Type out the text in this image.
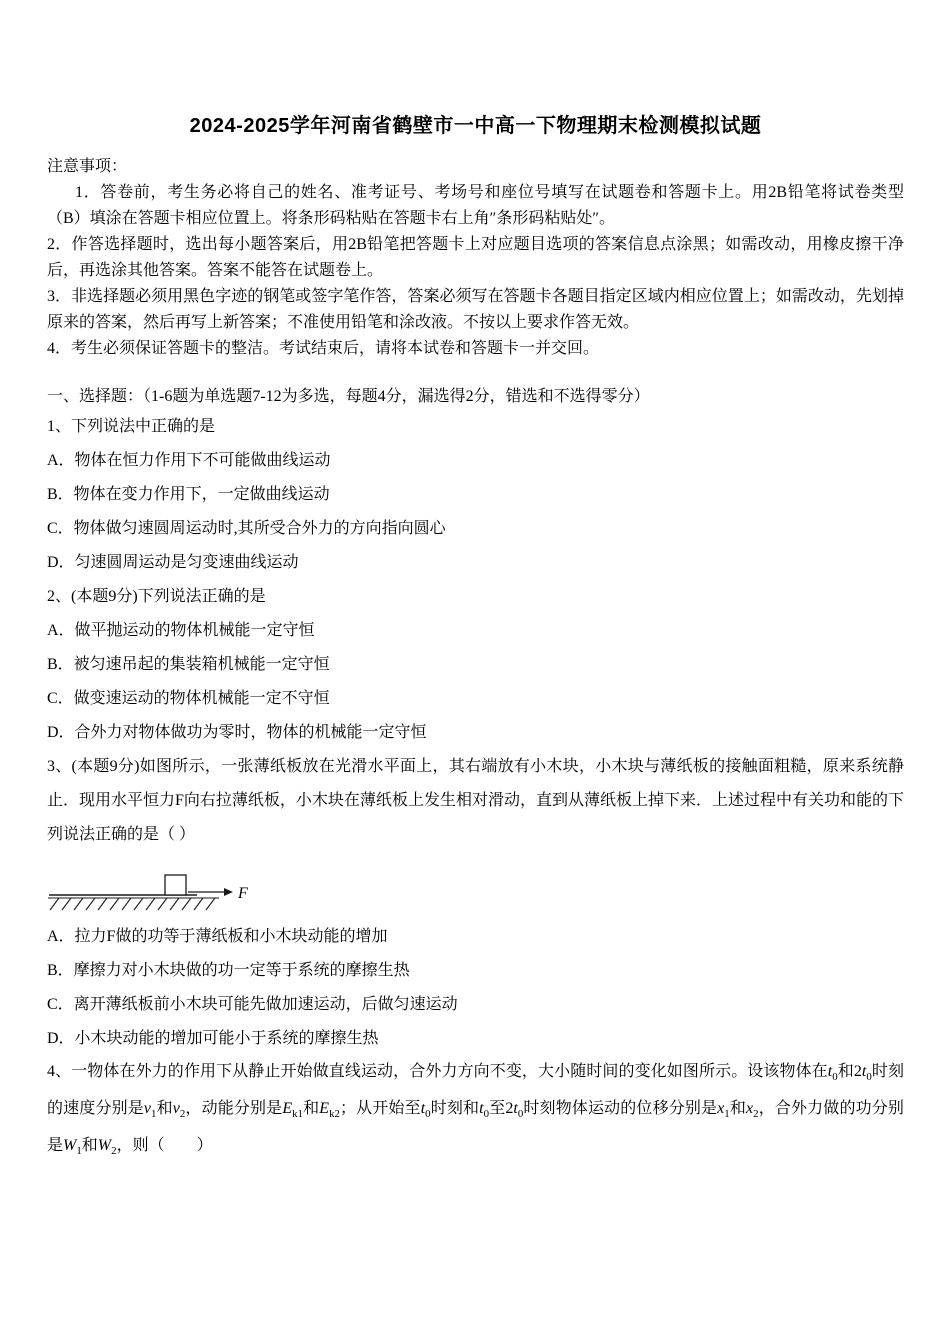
2024-2025学年河南省鹤壁市一中高一下物理期末检测模拟试题
注意事项：

1．答卷前，考生务必将自己的姓名、准考证号、考场号和座位号填写在试题卷和答题卡上。用2B铅笔将试卷类型（B）填涂在答题卡相应位置上。将条形码粘贴在答题卡右上角″条形码粘贴处″。

2．作答选择题时，选出每小题答案后，用2B铅笔把答题卡上对应题目选项的答案信息点涂黑；如需改动，用橡皮擦干净后，再选涂其他答案。答案不能答在试题卷上。

3．非选择题必须用黑色字迹的钢笔或签字笔作答，答案必须写在答题卡各题目指定区域内相应位置上；如需改动，先划掉原来的答案，然后再写上新答案；不准使用铅笔和涂改液。不按以上要求作答无效。

4．考生必须保证答题卡的整洁。考试结束后，请将本试卷和答题卡一并交回。

一、选择题：（1-6题为单选题7-12为多选，每题4分，漏选得2分，错选和不选得零分）
1、下列说法中正确的是
A．物体在恒力作用下不可能做曲线运动
B．物体在变力作用下，一定做曲线运动
C．物体做匀速圆周运动时,其所受合外力的方向指向圆心
D．匀速圆周运动是匀变速曲线运动
2、(本题9分)下列说法正确的是
A．做平抛运动的物体机械能一定守恒
B．被匀速吊起的集装箱机械能一定守恒
C．做变速运动的物体机械能一定不守恒
D．合外力对物体做功为零时，物体的机械能一定守恒
3、(本题9分)如图所示，一张薄纸板放在光滑水平面上，其右端放有小木块，小木块与薄纸板的接触面粗糙，原来系统静止．现用水平恒力F向右拉薄纸板，小木块在薄纸板上发生相对滑动，直到从薄纸板上掉下来．上述过程中有关功和能的下列说法正确的是（ ）
F
A．拉力F做的功等于薄纸板和小木块动能的增加
B．摩擦力对小木块做的功一定等于系统的摩擦生热
C．离开薄纸板前小木块可能先做加速运动，后做匀速运动
D．小木块动能的增加可能小于系统的摩擦生热
4、一物体在外力的作用下从静止开始做直线运动，合外力方向不变，大小随时间的变化如图所示。设该物体在$t_0$和$2t_0$时刻的速度分别是$v_1$和$v_2$，动能分别是$E_{k1}$和$E_{k2}$；从开始至$t_0$时刻和$t_0$至$2t_0$时刻物体运动的位移分别是$x_1$和$x_2$，合外力做的功分别是$W_1$和$W_2$，则（　　）
